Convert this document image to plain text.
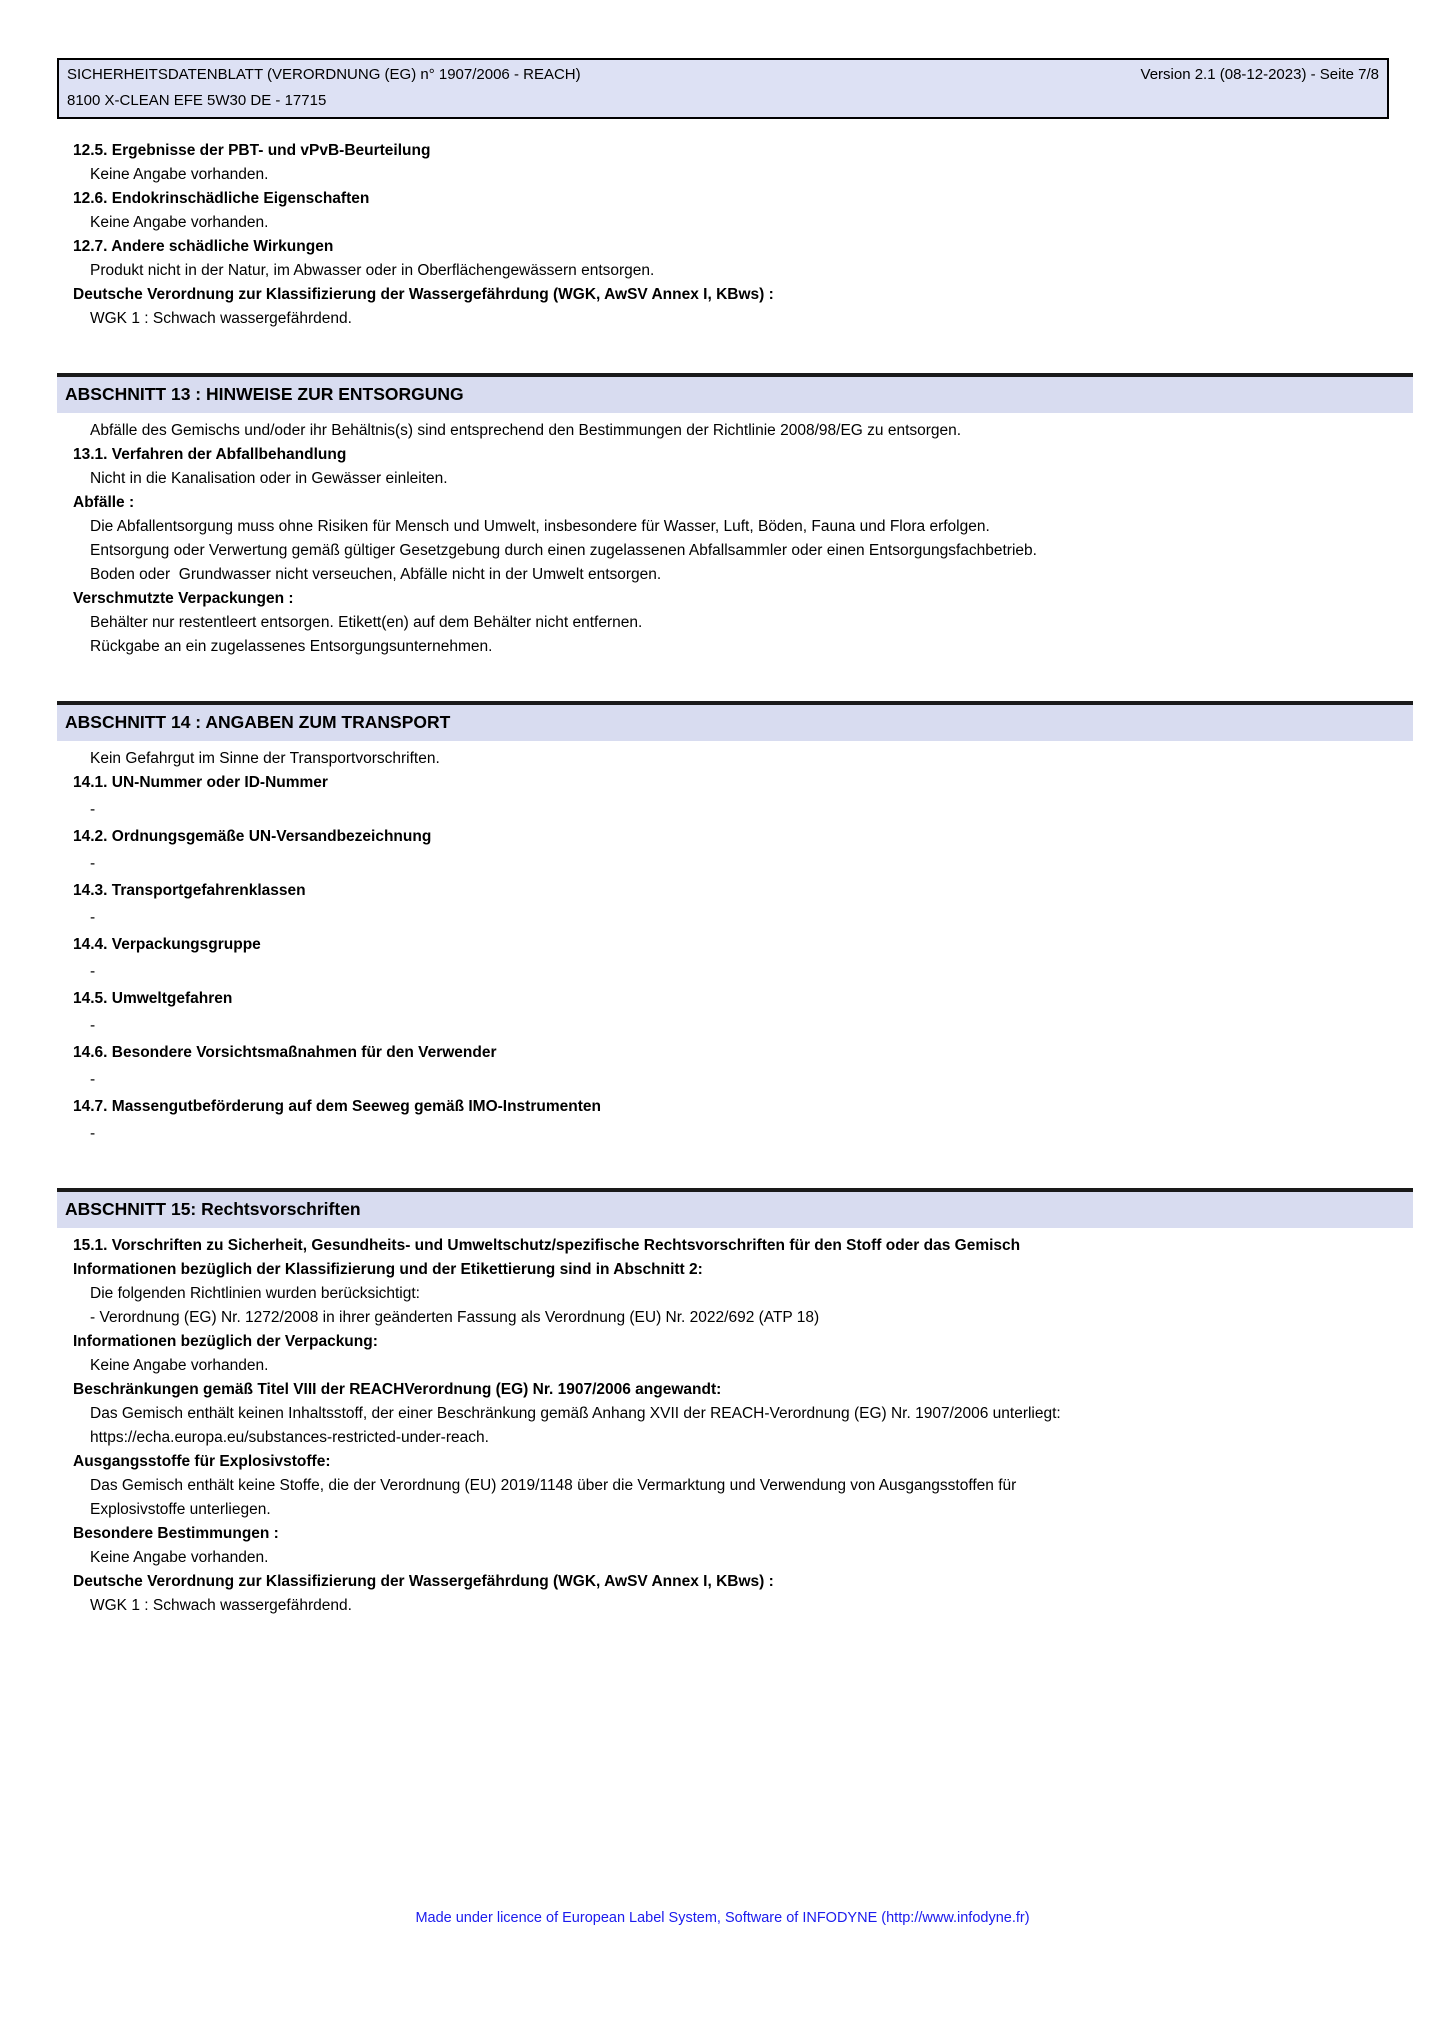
SICHERHEITSDATENBLATT (VERORDNUNG (EG) n° 1907/2006 - REACH)	Version 2.1 (08-12-2023) - Seite 7/8
8100 X-CLEAN EFE 5W30 DE - 17715
12.5. Ergebnisse der PBT- und vPvB-Beurteilung
Keine Angabe vorhanden.
12.6. Endokrinschädliche Eigenschaften
Keine Angabe vorhanden.
12.7. Andere schädliche Wirkungen
Produkt nicht in der Natur, im Abwasser oder in Oberflächengewässern entsorgen.
Deutsche Verordnung zur Klassifizierung der Wassergefährdung (WGK, AwSV Annex I, KBws) :
WGK 1 : Schwach wassergefährdend.
ABSCHNITT 13 : HINWEISE ZUR ENTSORGUNG
Abfälle des Gemischs und/oder ihr Behältnis(s) sind entsprechend den Bestimmungen der Richtlinie 2008/98/EG zu entsorgen.
13.1. Verfahren der Abfallbehandlung
Nicht in die Kanalisation oder in Gewässer einleiten.
Abfälle :
Die Abfallentsorgung muss ohne Risiken für Mensch und Umwelt, insbesondere für Wasser, Luft, Böden, Fauna und Flora erfolgen.
Entsorgung oder Verwertung gemäß gültiger Gesetzgebung durch einen zugelassenen Abfallsammler oder einen Entsorgungsfachbetrieb.
Boden oder  Grundwasser nicht verseuchen, Abfälle nicht in der Umwelt entsorgen.
Verschmutzte Verpackungen :
Behälter nur restentleert entsorgen. Etikett(en) auf dem Behälter nicht entfernen.
Rückgabe an ein zugelassenes Entsorgungsunternehmen.
ABSCHNITT 14 : ANGABEN ZUM TRANSPORT
Kein Gefahrgut im Sinne der Transportvorschriften.
14.1. UN-Nummer oder ID-Nummer
-
14.2. Ordnungsgemäße UN-Versandbezeichnung
-
14.3. Transportgefahrenklassen
-
14.4. Verpackungsgruppe
-
14.5. Umweltgefahren
-
14.6. Besondere Vorsichtsmaßnahmen für den Verwender
-
14.7. Massengutbeförderung auf dem Seeweg gemäß IMO-Instrumenten
-
ABSCHNITT 15: Rechtsvorschriften
15.1. Vorschriften zu Sicherheit, Gesundheits- und Umweltschutz/spezifische Rechtsvorschriften für den Stoff oder das Gemisch
Informationen bezüglich der Klassifizierung und der Etikettierung sind in Abschnitt 2:
Die folgenden Richtlinien wurden berücksichtigt:
- Verordnung (EG) Nr. 1272/2008 in ihrer geänderten Fassung als Verordnung (EU) Nr. 2022/692 (ATP 18)
Informationen bezüglich der Verpackung:
Keine Angabe vorhanden.
Beschränkungen gemäß Titel VIII der REACHVerordnung (EG) Nr. 1907/2006 angewandt:
Das Gemisch enthält keinen Inhaltsstoff, der einer Beschränkung gemäß Anhang XVII der REACH-Verordnung (EG) Nr. 1907/2006 unterliegt:
https://echa.europa.eu/substances-restricted-under-reach.
Ausgangsstoffe für Explosivstoffe:
Das Gemisch enthält keine Stoffe, die der Verordnung (EU) 2019/1148 über die Vermarktung und Verwendung von Ausgangsstoffen für
Explosivstoffe unterliegen.
Besondere Bestimmungen :
Keine Angabe vorhanden.
Deutsche Verordnung zur Klassifizierung der Wassergefährdung (WGK, AwSV Annex I, KBws) :
WGK 1 : Schwach wassergefährdend.
Made under licence of European Label System, Software of INFODYNE (http://www.infodyne.fr)
